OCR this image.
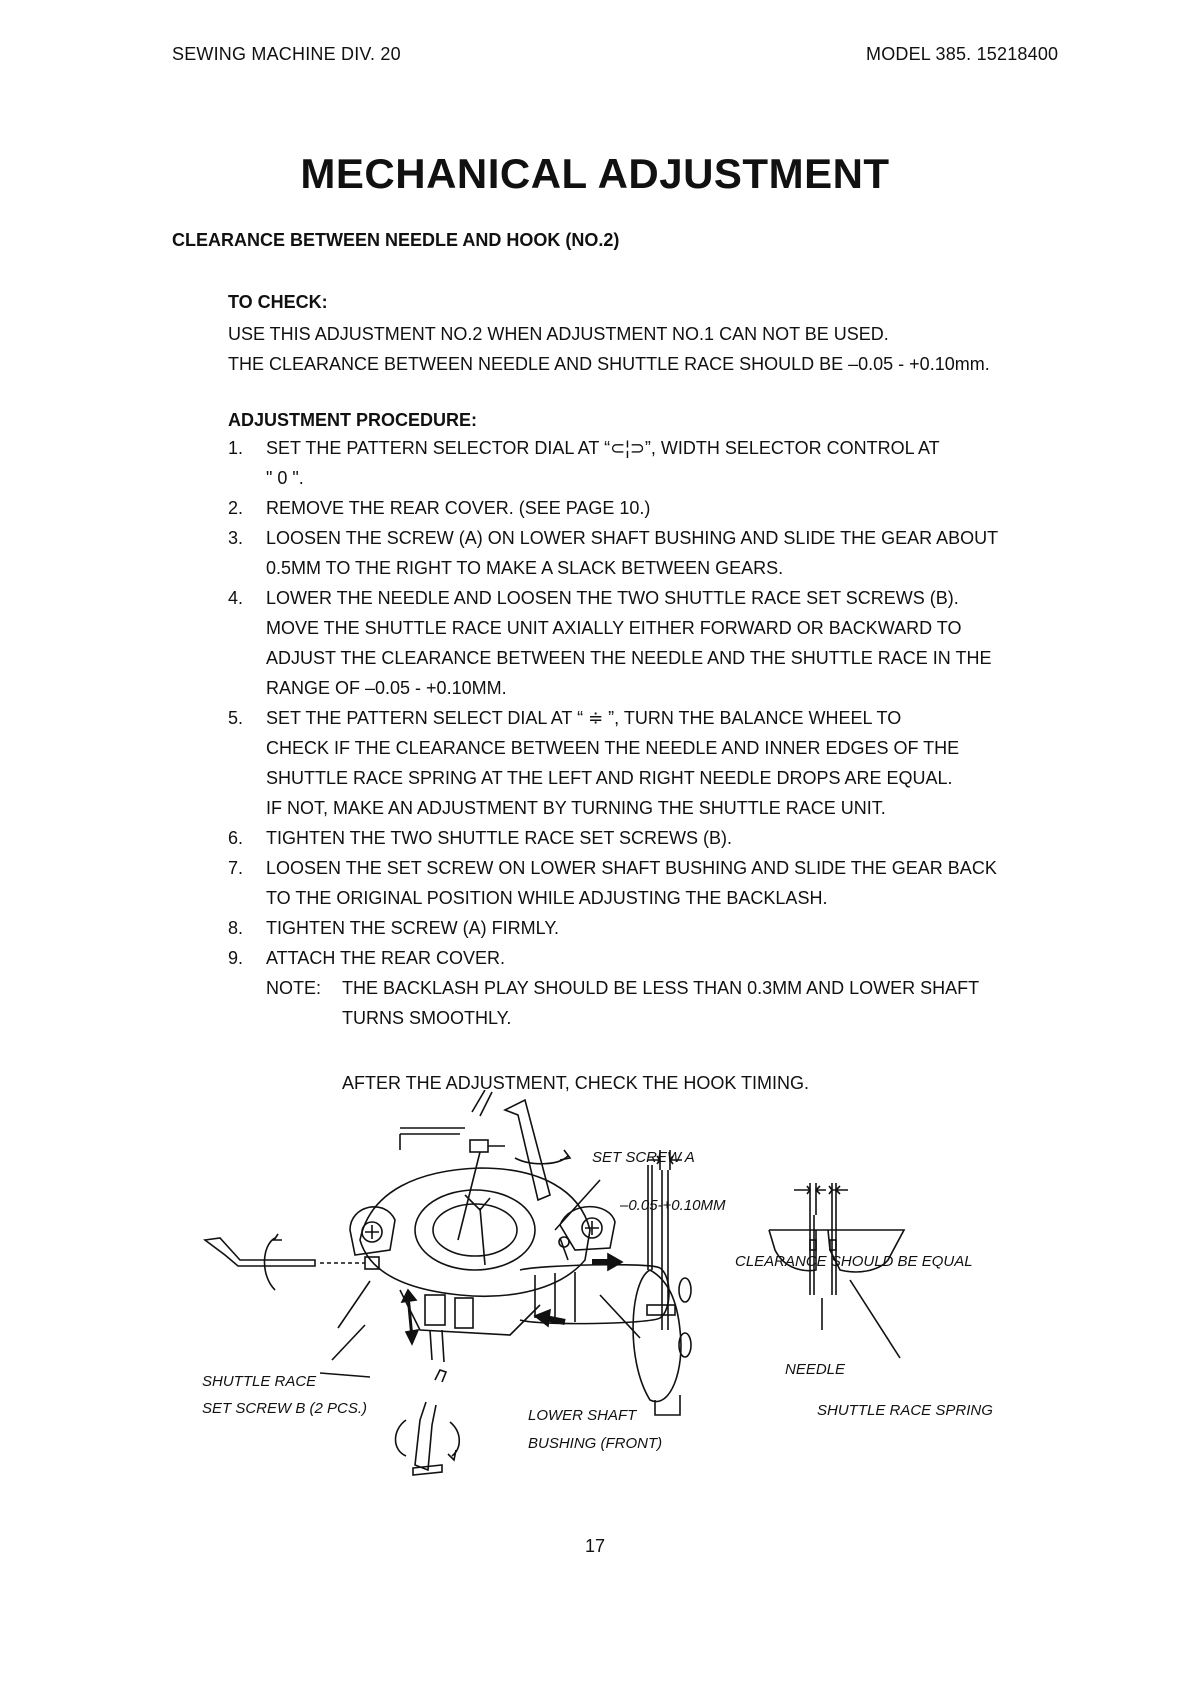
SEWING MACHINE DIV. 20	MODEL 385. 15218400
MECHANICAL ADJUSTMENT
CLEARANCE BETWEEN NEEDLE AND HOOK (NO.2)
TO CHECK:
USE THIS ADJUSTMENT NO.2 WHEN ADJUSTMENT NO.1 CAN NOT BE USED.
THE CLEARANCE BETWEEN NEEDLE AND SHUTTLE RACE SHOULD BE –0.05 - +0.10mm.
ADJUSTMENT PROCEDURE:
1. SET THE PATTERN SELECTOR DIAL AT “⊂¦⊃”, WIDTH SELECTOR CONTROL AT
" 0 ".
2. REMOVE THE REAR COVER. (SEE PAGE 10.)
3. LOOSEN THE SCREW (A) ON LOWER SHAFT BUSHING AND SLIDE THE GEAR ABOUT
0.5MM TO THE RIGHT TO MAKE A SLACK BETWEEN GEARS.
4. LOWER THE NEEDLE AND LOOSEN THE TWO SHUTTLE RACE SET SCREWS (B).
MOVE THE SHUTTLE RACE UNIT AXIALLY EITHER FORWARD OR BACKWARD TO
ADJUST THE CLEARANCE BETWEEN THE NEEDLE AND THE SHUTTLE RACE IN THE
RANGE OF –0.05 - +0.10MM.
5. SET THE PATTERN SELECT DIAL AT “ ≑ ”, TURN THE BALANCE WHEEL TO
CHECK IF THE CLEARANCE BETWEEN THE NEEDLE AND INNER EDGES OF THE
SHUTTLE RACE SPRING AT THE LEFT AND RIGHT NEEDLE DROPS ARE EQUAL.
IF NOT, MAKE AN ADJUSTMENT BY TURNING THE SHUTTLE RACE UNIT.
6. TIGHTEN THE TWO SHUTTLE RACE SET SCREWS (B).
7. LOOSEN THE SET SCREW ON LOWER SHAFT BUSHING AND SLIDE THE GEAR BACK
TO THE ORIGINAL POSITION WHILE ADJUSTING THE BACKLASH.
8. TIGHTEN THE SCREW (A) FIRMLY.
9. ATTACH THE REAR COVER.
NOTE:	THE BACKLASH PLAY SHOULD BE LESS THAN 0.3MM AND LOWER SHAFT
TURNS SMOOTHLY.
AFTER THE ADJUSTMENT, CHECK THE HOOK TIMING.
SET SCREW A
–0.05-+0.10MM
CLEARANCE SHOULD BE EQUAL
NEEDLE
SHUTTLE RACE SPRING
SHUTTLE RACE
SET SCREW B (2 PCS.)	LOWER SHAFT
BUSHING (FRONT)
17
